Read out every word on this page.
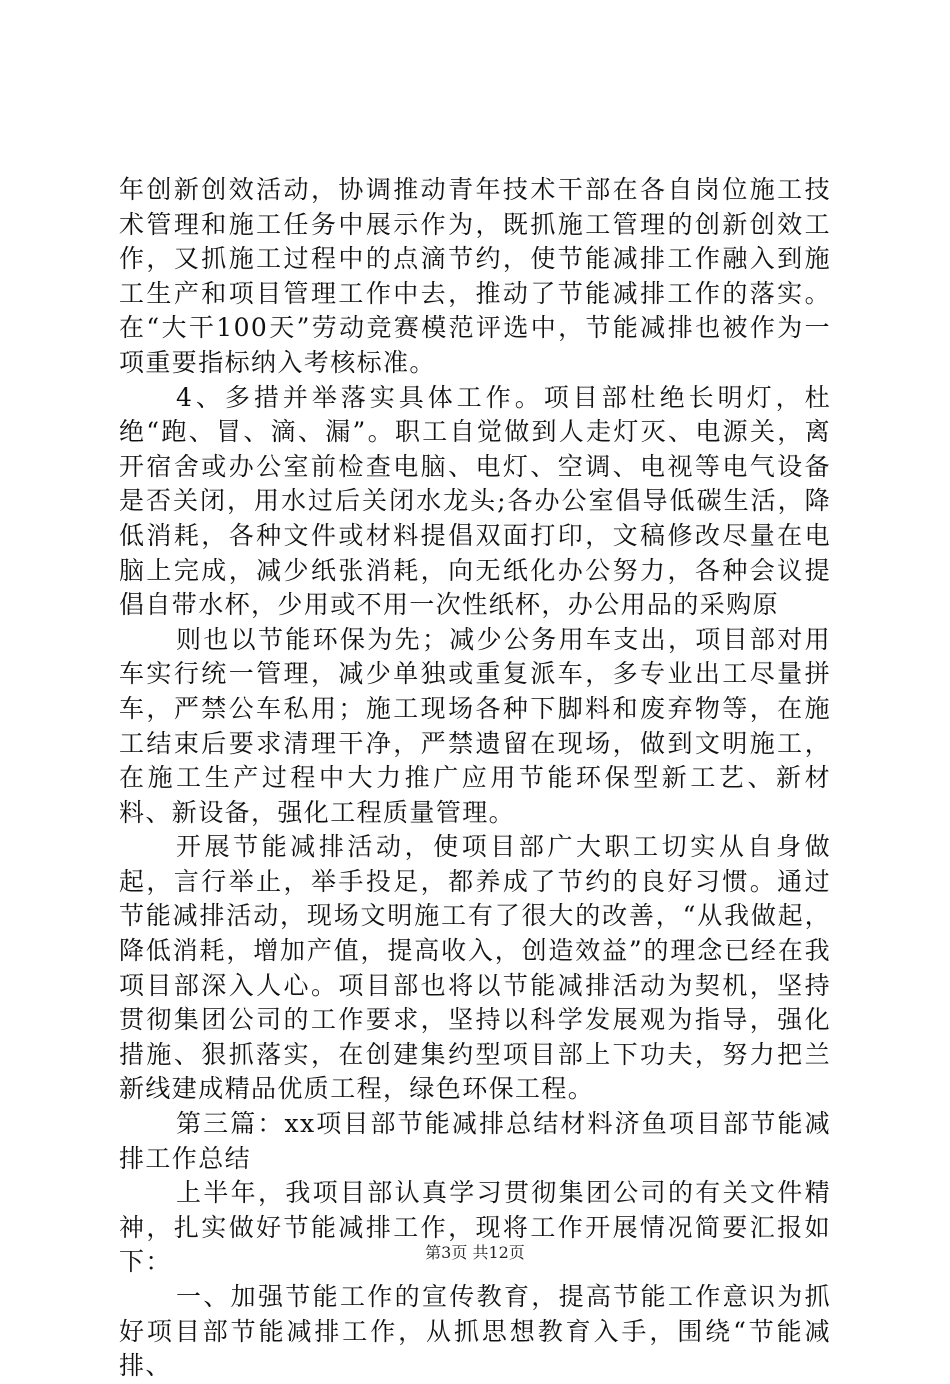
年创新创效活动，协调推动青年技术干部在各自岗位施工技术管理和施工任务中展示作为，既抓施工管理的创新创效工作，又抓施工过程中的点滴节约，使节能减排工作融入到施工生产和项目管理工作中去，推动了节能减排工作的落实。在“大干100天”劳动竞赛模范评选中，节能减排也被作为一项重要指标纳入考核标准。

4、多措并举落实具体工作。项目部杜绝长明灯，杜绝“跑、冒、滴、漏”。职工自觉做到人走灯灭、电源关，离开宿舍或办公室前检查电脑、电灯、空调、电视等电气设备是否关闭，用水过后关闭水龙头;各办公室倡导低碳生活，降低消耗，各种文件或材料提倡双面打印，文稿修改尽量在电脑上完成，减少纸张消耗，向无纸化办公努力，各种会议提倡自带水杯，少用或不用一次性纸杯，办公用品的采购原

则也以节能环保为先；减少公务用车支出，项目部对用车实行统一管理，减少单独或重复派车，多专业出工尽量拼车，严禁公车私用；施工现场各种下脚料和废弃物等，在施工结束后要求清理干净，严禁遗留在现场，做到文明施工，在施工生产过程中大力推广应用节能环保型新工艺、新材料、新设备，强化工程质量管理。

开展节能减排活动，使项目部广大职工切实从自身做起，言行举止，举手投足，都养成了节约的良好习惯。通过节能减排活动，现场文明施工有了很大的改善，“从我做起，降低消耗，增加产值，提高收入，创造效益”的理念已经在我项目部深入人心。项目部也将以节能减排活动为契机，坚持贯彻集团公司的工作要求，坚持以科学发展观为指导，强化措施、狠抓落实，在创建集约型项目部上下功夫，努力把兰新线建成精品优质工程，绿色环保工程。

第三篇：xx项目部节能减排总结材料济鱼项目部节能减排工作总结

上半年，我项目部认真学习贯彻集团公司的有关文件精神，扎实做好节能减排工作，现将工作开展情况简要汇报如下：

一、加强节能工作的宣传教育，提高节能工作意识为抓好项目部节能减排工作，从抓思想教育入手，围绕“节能减排、

第3页 共12页
